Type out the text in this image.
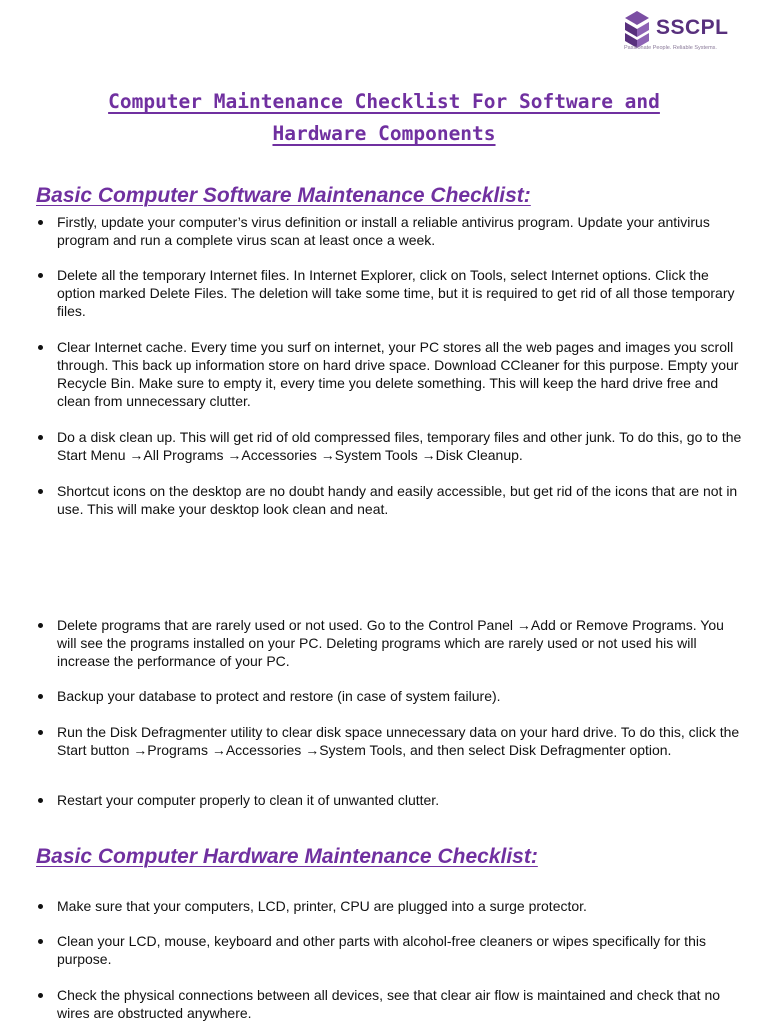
SSCPL
Passionate People. Reliable Systems.
Computer Maintenance Checklist For Software and
Hardware Components
Basic Computer Software Maintenance Checklist:
Firstly, update your computer’s virus definition or install a reliable antivirus program. Update your antivirus program and run a complete virus scan at least once a week.
Delete all the temporary Internet files. In Internet Explorer, click on Tools, select Internet options. Click the option marked Delete Files. The deletion will take some time, but it is required to get rid of all those temporary files.
Clear Internet cache. Every time you surf on internet, your PC stores all the web pages and images you scroll through. This back up information store on hard drive space. Download CCleaner for this purpose. Empty your Recycle Bin. Make sure to empty it, every time you delete something. This will keep the hard drive free and clean from unnecessary clutter.
Do a disk clean up. This will get rid of old compressed files, temporary files and other junk. To do this, go to the Start Menu →All Programs →Accessories →System Tools →Disk Cleanup.
Shortcut icons on the desktop are no doubt handy and easily accessible, but get rid of the icons that are not in use. This will make your desktop look clean and neat.
Delete programs that are rarely used or not used. Go to the Control Panel →Add or Remove Programs. You will see the programs installed on your PC. Deleting programs which are rarely used or not used his will increase the performance of your PC.
Backup your database to protect and restore (in case of system failure).
Run the Disk Defragmenter utility to clear disk space unnecessary data on your hard drive. To do this, click the Start button →Programs →Accessories →System Tools, and then select Disk Defragmenter option.
Restart your computer properly to clean it of unwanted clutter.
Basic Computer Hardware Maintenance Checklist:
Make sure that your computers, LCD, printer, CPU are plugged into a surge protector.
Clean your LCD, mouse, keyboard and other parts with alcohol-free cleaners or wipes specifically for this purpose.
Check the physical connections between all devices, see that clear air flow is maintained and check that no wires are obstructed anywhere.
